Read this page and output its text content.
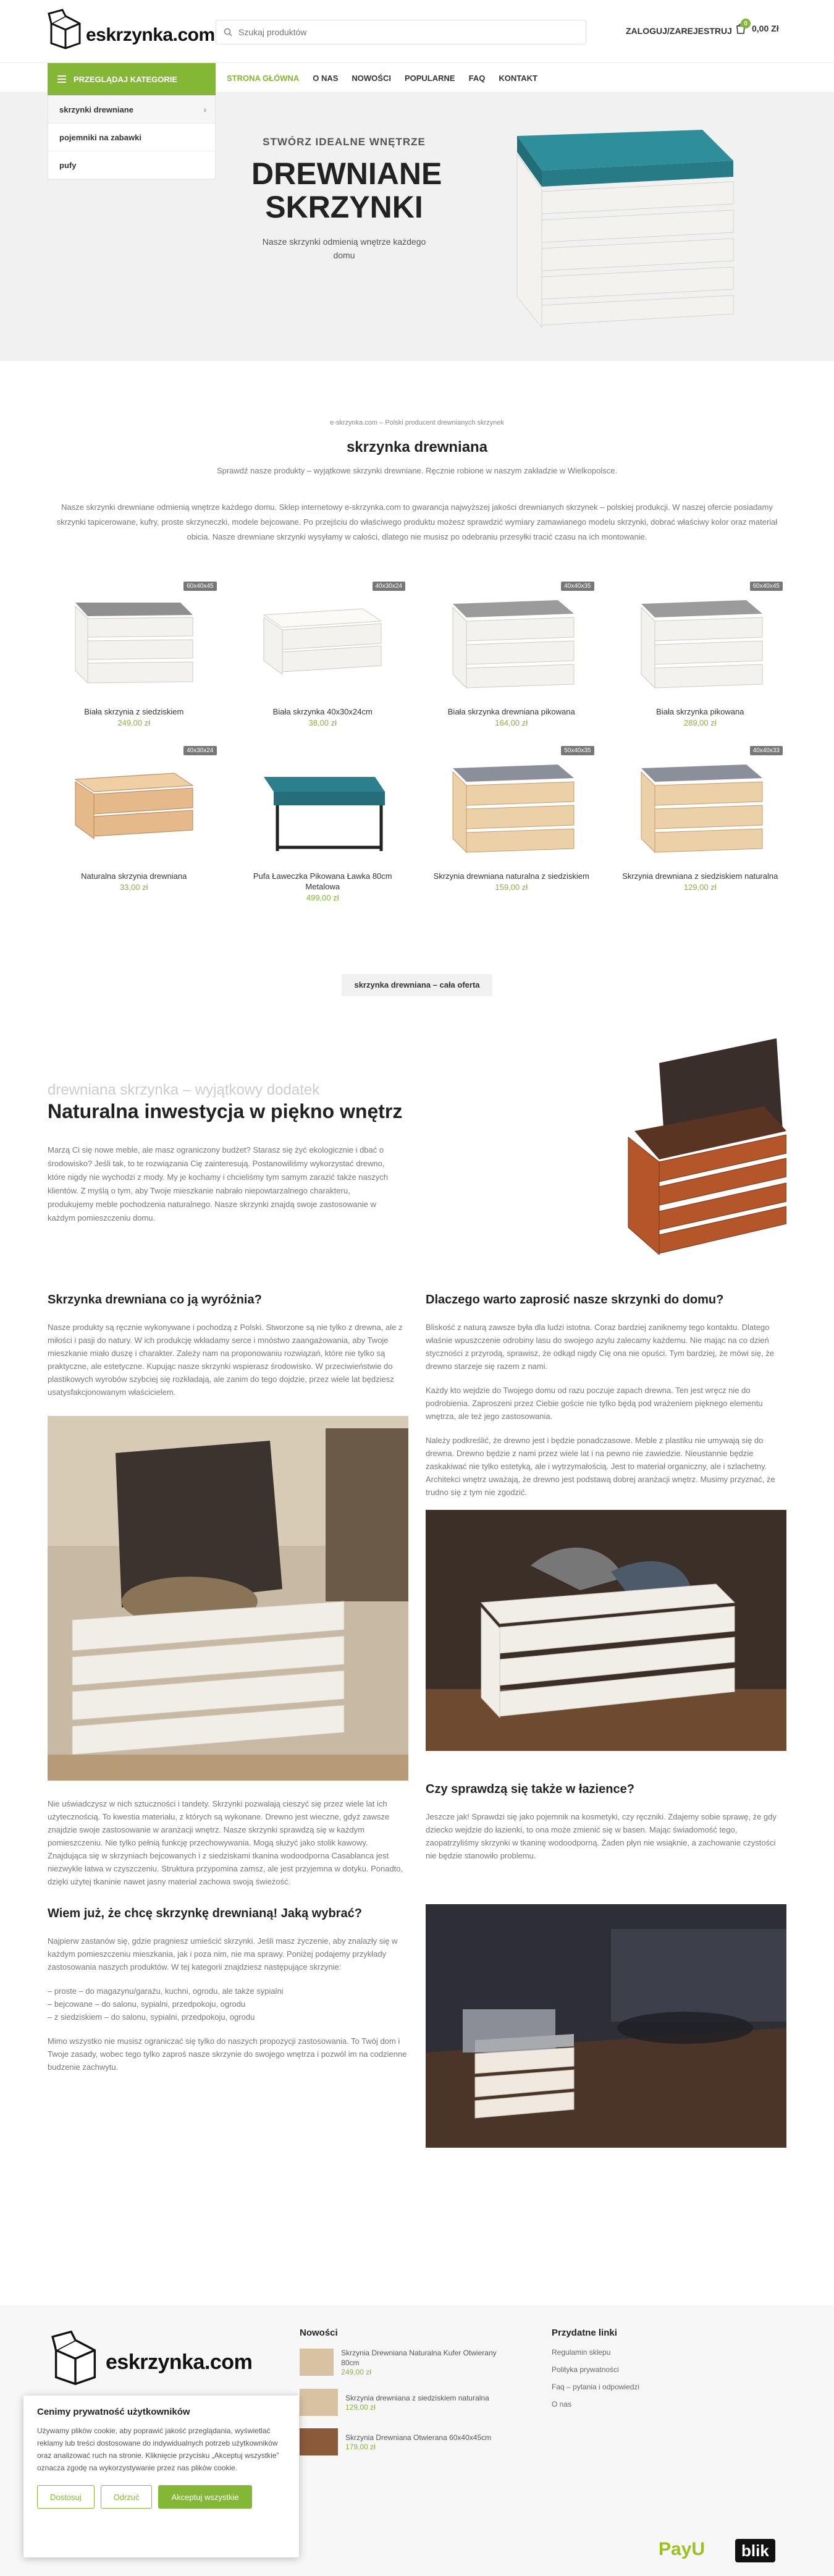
eskrzynka.com
Szukaj produktów	ZALOGUJ/ZAREJESTRUJ
0 0,00 Zł
PRZEGLĄDAJ KATEGORIE	STRONA GŁÓWNA O NAS NOWOŚCI POPULARNE FAQ KONTAKT
skrzynki drewniane	›
pojemniki na zabawki
pufy
STWÓRZ IDEALNE WNĘTRZE
DREWNIANE SKRZYNKI
Nasze skrzynki odmienią wnętrze każdego domu
e-skrzynka.com – Polski producent drewnianych skrzynek
skrzynka drewniana

Sprawdź nasze produkty – wyjątkowe skrzynki drewniane. Ręcznie robione w naszym zakładzie w Wielkopolsce.

Nasze skrzynki drewniane odmienią wnętrze każdego domu. Sklep internetowy e-skrzynka.com to gwarancja najwyższej jakości drewnianych skrzynek – polskiej produkcji. W naszej ofercie posiadamy skrzynki tapicerowane, kufry, proste skrzyneczki, modele bejcowane. Po przejściu do właściwego produktu możesz sprawdzić wymiary zamawianego modelu skrzynki, dobrać właściwy kolor oraz materiał obicia. Nasze drewniane skrzynki wysyłamy w całości, dlatego nie musisz po odebraniu przesyłki tracić czasu na ich montowanie.

60x40x45
Biała skrzynia z siedziskiem
249,00 zł
40x30x24
Biała skrzynka 40x30x24cm
38,00 zł
40x40x35
Biała skrzynka drewniana pikowana
164,00 zł
60x40x45
Biała skrzynka pikowana
289,00 zł
40x30x24
Naturalna skrzynia drewniana
33,00 zł
Pufa Ławeczka Pikowana Ławka 80cm Metalowa
499,00 zł
50x40x35
Skrzynia drewniana naturalna z siedziskiem
159,00 zł
40x40x33
Skrzynia drewniana z siedziskiem naturalna
129,00 zł
skrzynka drewniana – cała oferta
drewniana skrzynka – wyjątkowy dodatek
Naturalna inwestycja w piękno wnętrz

Marzą Ci się nowe meble, ale masz ograniczony budżet? Starasz się żyć ekologicznie i dbać o środowisko? Jeśli tak, to te rozwiązania Cię zainteresują. Postanowiliśmy wykorzystać drewno, które nigdy nie wychodzi z mody. My je kochamy i chcieliśmy tym samym zarazić także naszych klientów. Z myślą o tym, aby Twoje mieszkanie nabrało niepowtarzalnego charakteru, produkujemy meble pochodzenia naturalnego. Nasze skrzynki znajdą swoje zastosowanie w każdym pomieszczeniu domu.

Skrzynka drewniana co ją wyróżnia?

Nasze produkty są ręcznie wykonywane i pochodzą z Polski. Stworzone są nie tylko z drewna, ale z miłości i pasji do natury. W ich produkcję wkładamy serce i mnóstwo zaangażowania, aby Twoje mieszkanie miało duszę i charakter. Zależy nam na proponowaniu rozwiązań, które nie tylko są praktyczne, ale estetyczne. Kupując nasze skrzynki wspierasz środowisko. W przeciwieństwie do plastikowych wyrobów szybciej się rozkładają, ale zanim do tego dojdzie, przez wiele lat będziesz usatysfakcjonowanym właścicielem.

Nie uświadczysz w nich sztuczności i tandety. Skrzynki pozwalają cieszyć się przez wiele lat ich użytecznością. To kwestia materiału, z których są wykonane. Drewno jest wieczne, gdyż zawsze znajdzie swoje zastosowanie w aranżacji wnętrz. Nasze skrzynki sprawdzą się w każdym pomieszczeniu. Nie tylko pełnią funkcję przechowywania. Mogą służyć jako stolik kawowy. Znajdująca się w skrzyniach bejcowanych i z siedziskami tkanina wodoodporna Casablanca jest niezwykle łatwa w czyszczeniu. Struktura przypomina zamsz, ale jest przyjemna w dotyku. Ponadto, dzięki użytej tkaninie nawet jasny materiał zachowa swoją świeżość.

Wiem już, że chcę skrzynkę drewnianą! Jaką wybrać?

Najpierw zastanów się, gdzie pragniesz umieścić skrzynki. Jeśli masz życzenie, aby znalazły się w każdym pomieszczeniu mieszkania, jak i poza nim, nie ma sprawy. Poniżej podajemy przykłady zastosowania naszych produktów. W tej kategorii znajdziesz następujące skrzynie:

– proste – do magazynu/garażu, kuchni, ogrodu, ale także sypialni

– bejcowane – do salonu, sypialni, przedpokoju, ogrodu

– z siedziskiem – do salonu, sypialni, przedpokoju, ogrodu

Mimo wszystko nie musisz ograniczać się tylko do naszych propozycji zastosowania. To Twój dom i Twoje zasady, wobec tego tylko zaproś nasze skrzynie do swojego wnętrza i pozwól im na codzienne budzenie zachwytu.

Dlaczego warto zaprosić nasze skrzynki do domu?

Bliskość z naturą zawsze była dla ludzi istotna. Coraz bardziej zaniknemy tego kontaktu. Dlatego właśnie wpuszczenie odrobiny lasu do swojego azylu zalecamy każdemu. Nie mając na co dzień styczności z przyrodą, sprawisz, że odkąd nigdy Cię ona nie opuści. Tym bardziej, że mówi się, że drewno starzeje się razem z nami.

Każdy kto wejdzie do Twojego domu od razu poczuje zapach drewna. Ten jest wręcz nie do podrobienia. Zaproszeni przez Ciebie goście nie tylko będą pod wrażeniem pięknego elementu wnętrza, ale też jego zastosowania.

Należy podkreślić, że drewno jest i będzie ponadczasowe. Meble z plastiku nie umywają się do drewna. Drewno będzie z nami przez wiele lat i na pewno nie zawiedzie. Nieustannie będzie zaskakiwać nie tylko estetyką, ale i wytrzymałością. Jest to materiał organiczny, ale i szlachetny. Architekci wnętrz uważają, że drewno jest podstawą dobrej aranżacji wnętrz. Musimy przyznać, że trudno się z tym nie zgodzić.

Czy sprawdzą się także w łazience?

Jeszcze jak! Sprawdzi się jako pojemnik na kosmetyki, czy ręczniki. Zdajemy sobie sprawę, że gdy dziecko wejdzie do łazienki, to ona może zmienić się w basen. Mając świadomość tego, zaopatrzyliśmy skrzynki w tkaninę wodoodporną. Żaden płyn nie wsiąknie, a zachowanie czystości nie będzie stanowiło problemu.

eskrzynka.com
Nowości
Skrzynia Drewniana Naturalna Kufer Otwierany 80cm
249,00 zł
Skrzynia drewniana z siedziskiem naturalna
129,00 zł
Skrzynia Drewniana Otwierana 60x40x45cm
179,00 zł
Przydatne linki
Regulamin sklepu
Polityka prywatności
Faq – pytania i odpowiedzi
O nas
PayU	blik
Cenimy prywatność użytkowników

Używamy plików cookie, aby poprawić jakość przeglądania, wyświetlać reklamy lub treści dostosowane do indywidualnych potrzeb użytkowników oraz analizować ruch na stronie. Kliknięcie przycisku „Akceptuj wszystkie” oznacza zgodę na wykorzystywanie przez nas plików cookie.

Dostosuj	Odrzuć	Akceptuj wszystkie
